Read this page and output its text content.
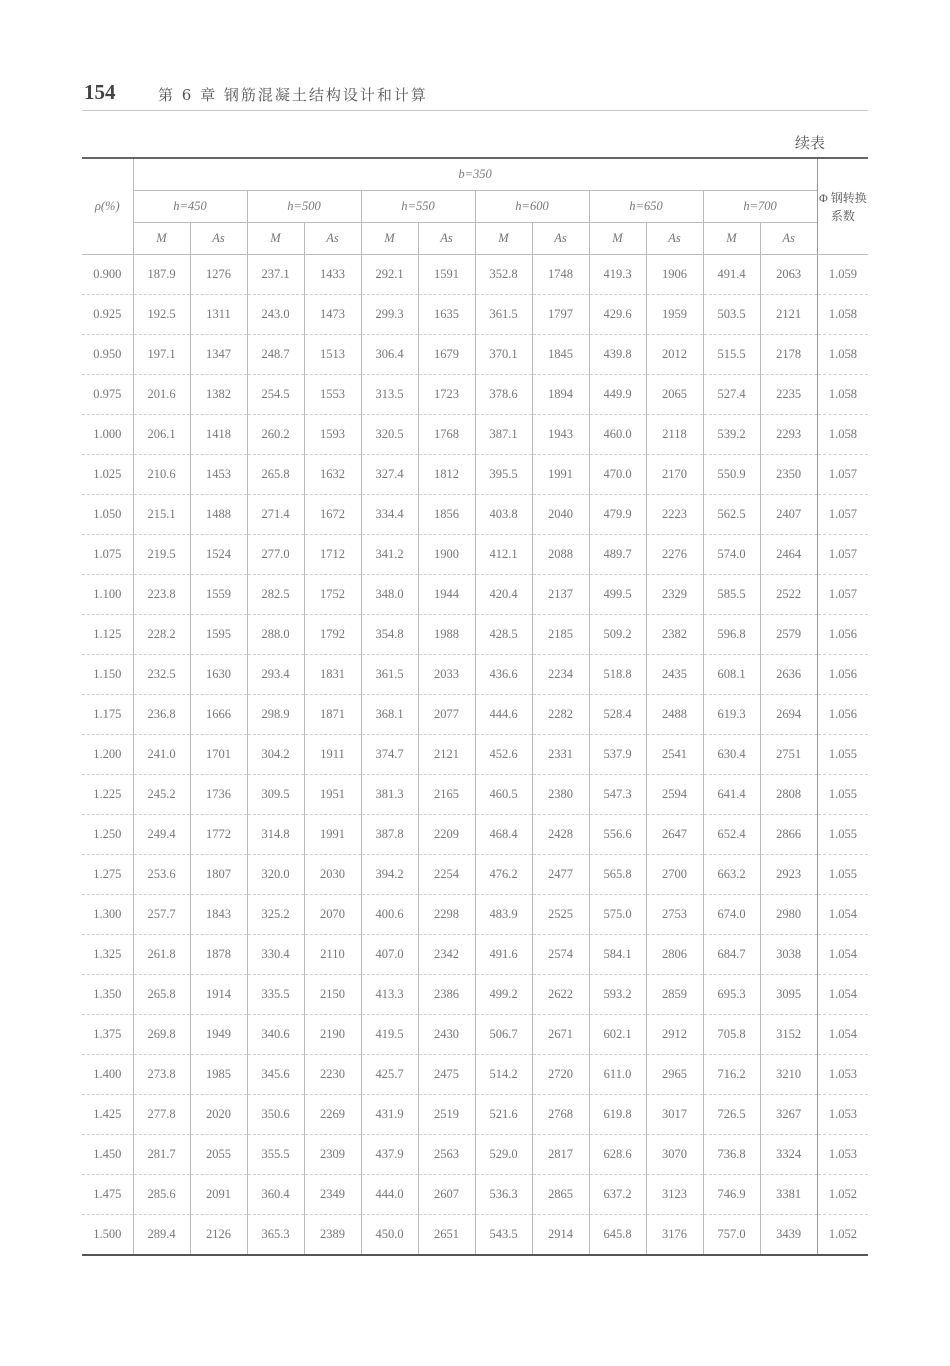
154	第 6 章 钢筋混凝土结构设计和计算
续表
ρ(%)	b=350												Φ 钢转换系数
	h=450		h=500		h=550		h=600		h=650		h=700		
	M	As	M	As	M	As	M	As	M	As	M	As	
0.900	187.9	1276	237.1	1433	292.1	1591	352.8	1748	419.3	1906	491.4	2063	1.059
0.925	192.5	1311	243.0	1473	299.3	1635	361.5	1797	429.6	1959	503.5	2121	1.058
0.950	197.1	1347	248.7	1513	306.4	1679	370.1	1845	439.8	2012	515.5	2178	1.058
0.975	201.6	1382	254.5	1553	313.5	1723	378.6	1894	449.9	2065	527.4	2235	1.058
1.000	206.1	1418	260.2	1593	320.5	1768	387.1	1943	460.0	2118	539.2	2293	1.058
1.025	210.6	1453	265.8	1632	327.4	1812	395.5	1991	470.0	2170	550.9	2350	1.057
1.050	215.1	1488	271.4	1672	334.4	1856	403.8	2040	479.9	2223	562.5	2407	1.057
1.075	219.5	1524	277.0	1712	341.2	1900	412.1	2088	489.7	2276	574.0	2464	1.057
1.100	223.8	1559	282.5	1752	348.0	1944	420.4	2137	499.5	2329	585.5	2522	1.057
1.125	228.2	1595	288.0	1792	354.8	1988	428.5	2185	509.2	2382	596.8	2579	1.056
1.150	232.5	1630	293.4	1831	361.5	2033	436.6	2234	518.8	2435	608.1	2636	1.056
1.175	236.8	1666	298.9	1871	368.1	2077	444.6	2282	528.4	2488	619.3	2694	1.056
1.200	241.0	1701	304.2	1911	374.7	2121	452.6	2331	537.9	2541	630.4	2751	1.055
1.225	245.2	1736	309.5	1951	381.3	2165	460.5	2380	547.3	2594	641.4	2808	1.055
1.250	249.4	1772	314.8	1991	387.8	2209	468.4	2428	556.6	2647	652.4	2866	1.055
1.275	253.6	1807	320.0	2030	394.2	2254	476.2	2477	565.8	2700	663.2	2923	1.055
1.300	257.7	1843	325.2	2070	400.6	2298	483.9	2525	575.0	2753	674.0	2980	1.054
1.325	261.8	1878	330.4	2110	407.0	2342	491.6	2574	584.1	2806	684.7	3038	1.054
1.350	265.8	1914	335.5	2150	413.3	2386	499.2	2622	593.2	2859	695.3	3095	1.054
1.375	269.8	1949	340.6	2190	419.5	2430	506.7	2671	602.1	2912	705.8	3152	1.054
1.400	273.8	1985	345.6	2230	425.7	2475	514.2	2720	611.0	2965	716.2	3210	1.053
1.425	277.8	2020	350.6	2269	431.9	2519	521.6	2768	619.8	3017	726.5	3267	1.053
1.450	281.7	2055	355.5	2309	437.9	2563	529.0	2817	628.6	3070	736.8	3324	1.053
1.475	285.6	2091	360.4	2349	444.0	2607	536.3	2865	637.2	3123	746.9	3381	1.052
1.500	289.4	2126	365.3	2389	450.0	2651	543.5	2914	645.8	3176	757.0	3439	1.052
